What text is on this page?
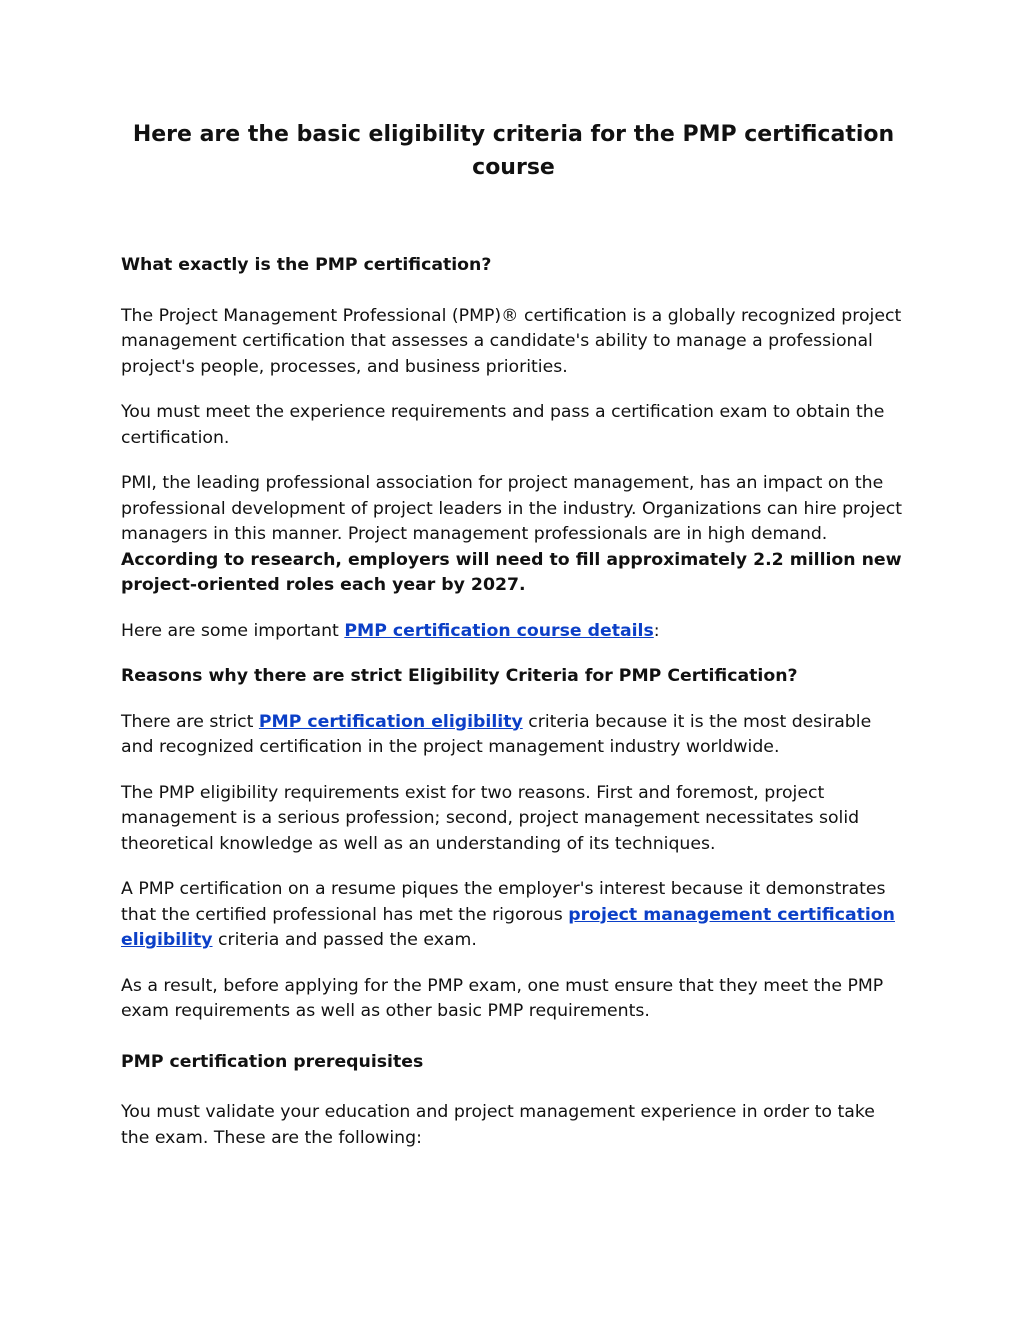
Here are the basic eligibility criteria for the PMP certification course
What exactly is the PMP certification?

The Project Management Professional (PMP)® certification is a globally recognized project management certification that assesses a candidate's ability to manage a professional project's people, processes, and business priorities.

You must meet the experience requirements and pass a certification exam to obtain the certification.

PMI, the leading professional association for project management, has an impact on the professional development of project leaders in the industry. Organizations can hire project managers in this manner. Project management professionals are in high demand. According to research, employers will need to fill approximately 2.2 million new project-oriented roles each year by 2027.

Here are some important PMP certification course details:

Reasons why there are strict Eligibility Criteria for PMP Certification?

There are strict PMP certification eligibility criteria because it is the most desirable and recognized certification in the project management industry worldwide.

The PMP eligibility requirements exist for two reasons. First and foremost, project management is a serious profession; second, project management necessitates solid theoretical knowledge as well as an understanding of its techniques.

A PMP certification on a resume piques the employer's interest because it demonstrates that the certified professional has met the rigorous project management certification eligibility criteria and passed the exam.

As a result, before applying for the PMP exam, one must ensure that they meet the PMP exam requirements as well as other basic PMP requirements.

PMP certification prerequisites

You must validate your education and project management experience in order to take the exam. These are the following:
